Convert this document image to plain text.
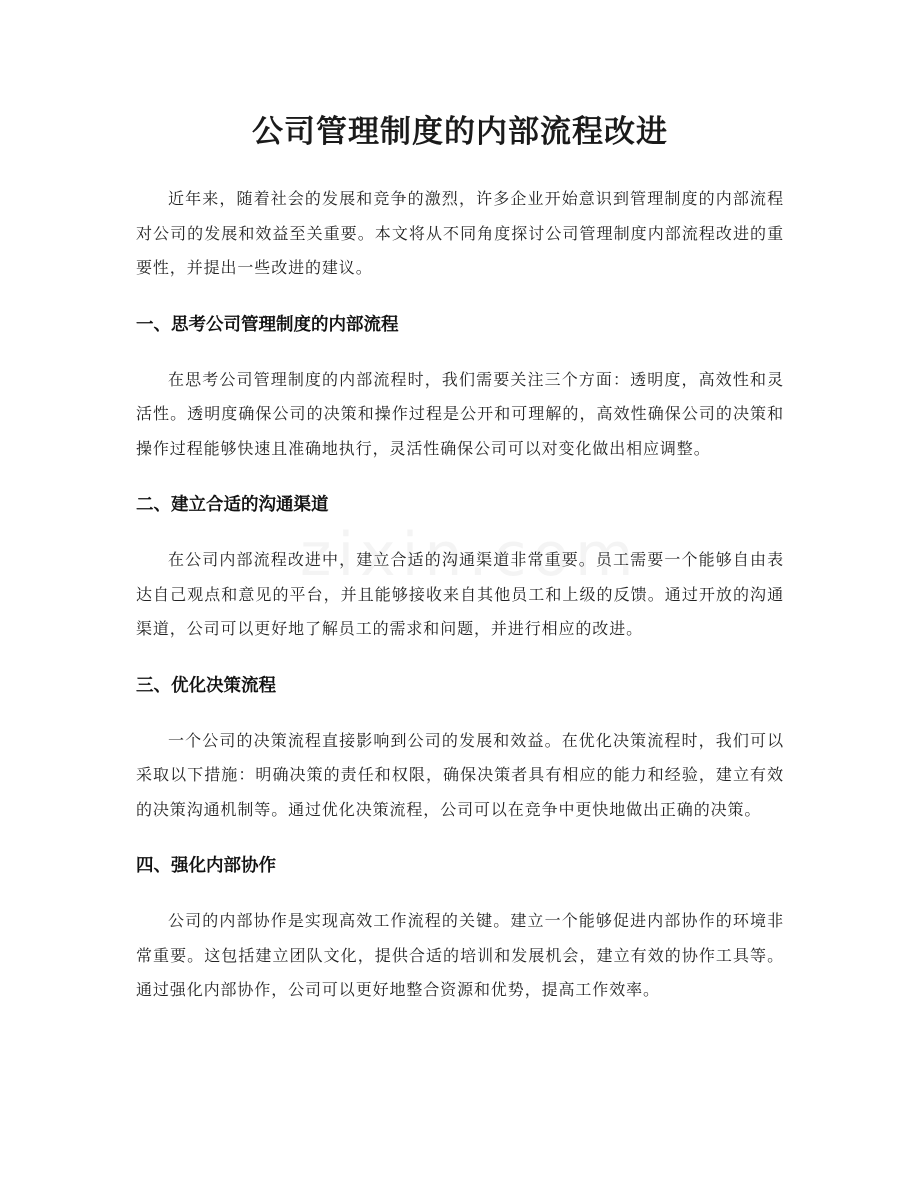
公司管理制度的内部流程改进

近年来，随着社会的发展和竞争的激烈，许多企业开始意识到管理制度的内部流程对公司的发展和效益至关重要。本文将从不同角度探讨公司管理制度内部流程改进的重要性，并提出一些改进的建议。

一、思考公司管理制度的内部流程

在思考公司管理制度的内部流程时，我们需要关注三个方面：透明度，高效性和灵活性。透明度确保公司的决策和操作过程是公开和可理解的，高效性确保公司的决策和操作过程能够快速且准确地执行，灵活性确保公司可以对变化做出相应调整。

二、建立合适的沟通渠道

在公司内部流程改进中，建立合适的沟通渠道非常重要。员工需要一个能够自由表达自己观点和意见的平台，并且能够接收来自其他员工和上级的反馈。通过开放的沟通渠道，公司可以更好地了解员工的需求和问题，并进行相应的改进。

三、优化决策流程

一个公司的决策流程直接影响到公司的发展和效益。在优化决策流程时，我们可以采取以下措施：明确决策的责任和权限，确保决策者具有相应的能力和经验，建立有效的决策沟通机制等。通过优化决策流程，公司可以在竞争中更快地做出正确的决策。

四、强化内部协作

公司的内部协作是实现高效工作流程的关键。建立一个能够促进内部协作的环境非常重要。这包括建立团队文化，提供合适的培训和发展机会，建立有效的协作工具等。通过强化内部协作，公司可以更好地整合资源和优势，提高工作效率。
